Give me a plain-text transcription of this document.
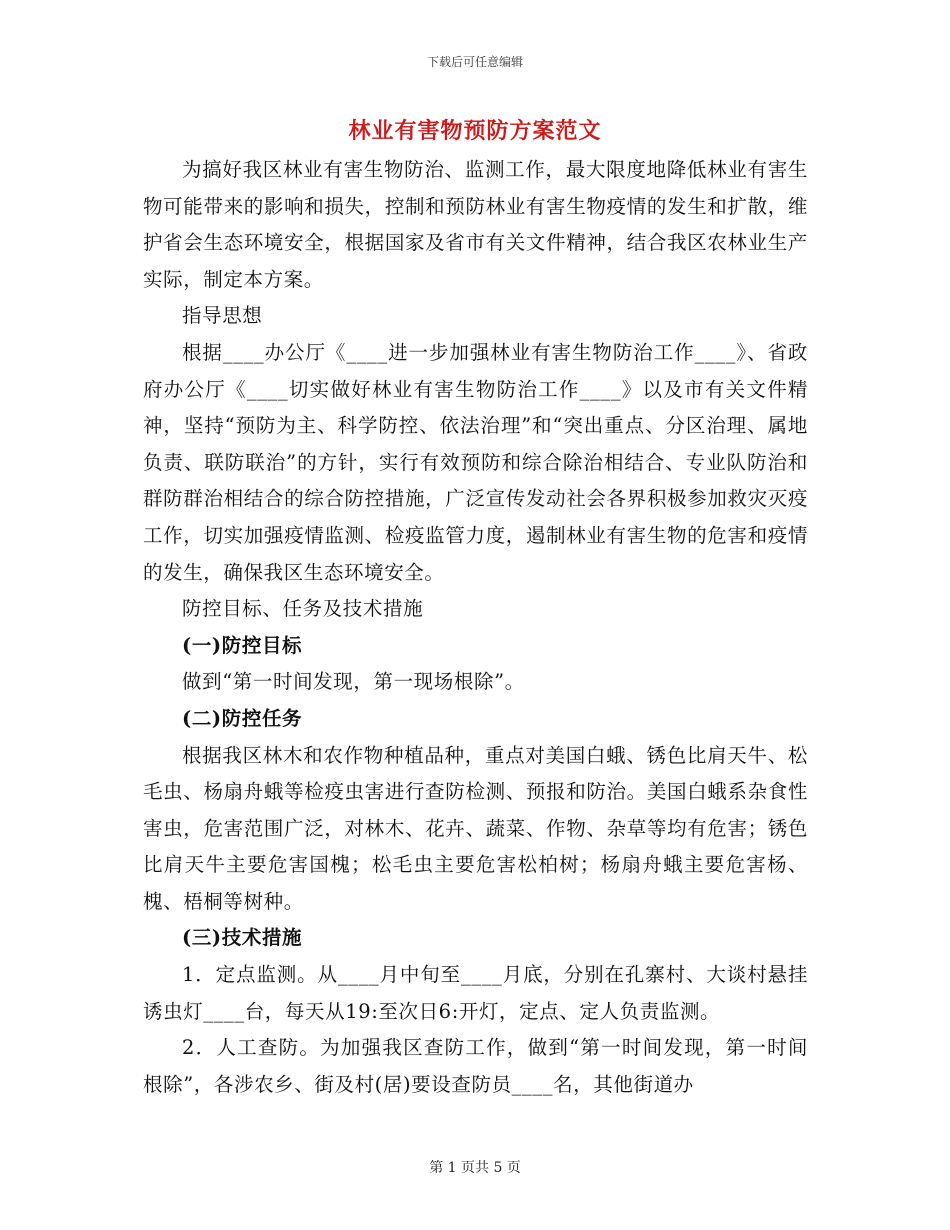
下载后可任意编辑
林业有害物预防方案范文

为搞好我区林业有害生物防治、监测工作，最大限度地降低林业有害生物可能带来的影响和损失，控制和预防林业有害生物疫情的发生和扩散，维护省会生态环境安全，根据国家及省市有关文件精神，结合我区农林业生产实际，制定本方案。

指导思想

根据____办公厅《____进一步加强林业有害生物防治工作____》、省政府办公厅《____切实做好林业有害生物防治工作____》以及市有关文件精神，坚持“预防为主、科学防控、依法治理”和“突出重点、分区治理、属地负责、联防联治”的方针，实行有效预防和综合除治相结合、专业队防治和群防群治相结合的综合防控措施，广泛宣传发动社会各界积极参加救灾灭疫工作，切实加强疫情监测、检疫监管力度，遏制林业有害生物的危害和疫情的发生，确保我区生态环境安全。

防控目标、任务及技术措施

(一)防控目标

做到“第一时间发现，第一现场根除”。

(二)防控任务

根据我区林木和农作物种植品种，重点对美国白蛾、锈色比肩天牛、松毛虫、杨扇舟蛾等检疫虫害进行查防检测、预报和防治。美国白蛾系杂食性害虫，危害范围广泛，对林木、花卉、蔬菜、作物、杂草等均有危害；锈色比肩天牛主要危害国槐；松毛虫主要危害松柏树；杨扇舟蛾主要危害杨、槐、梧桐等树种。

(三)技术措施

1．定点监测。从____月中旬至____月底，分别在孔寨村、大谈村悬挂诱虫灯____台，每天从19:至次日6:开灯，定点、定人负责监测。

2．人工查防。为加强我区查防工作，做到“第一时间发现，第一时间根除”，各涉农乡、街及村(居)要设查防员____名，其他街道办

第 1 页共 5 页
